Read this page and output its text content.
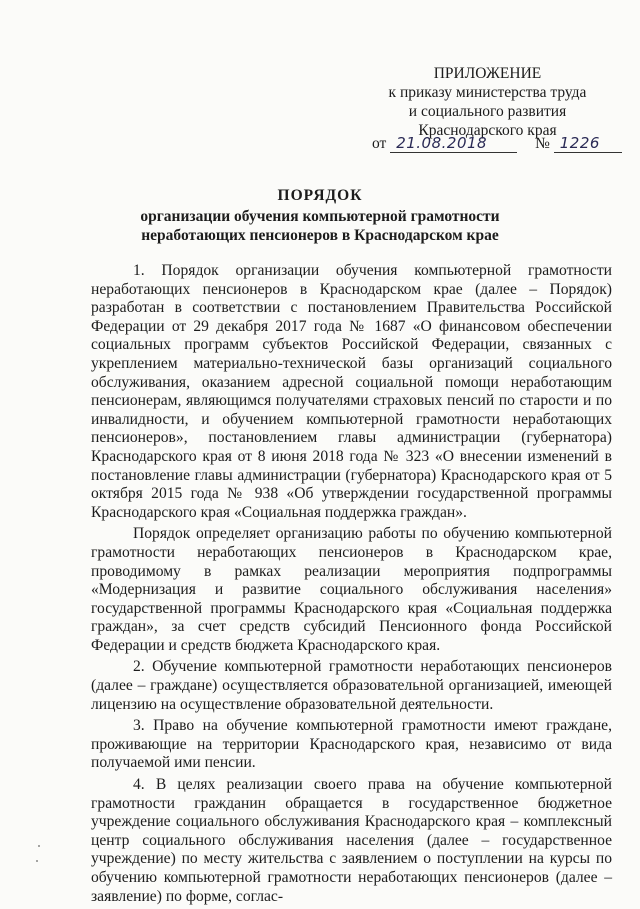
ПРИЛОЖЕНИЕ
к приказу министерства труда
и социального развития
Краснодарского края
от 21.08.2018	№ 1226
ПОРЯДОК
организации обучения компьютерной грамотности
неработающих пенсионеров в Краснодарском крае

1. Порядок организации обучения компьютерной грамотности неработающих пенсионеров в Краснодарском крае (далее – Порядок) разработан в соответствии с постановлением Правительства Российской Федерации от 29 декабря 2017 года № 1687 «О финансовом обеспечении социальных программ субъектов Российской Федерации, связанных с укреплением материально-технической базы организаций социального обслуживания, оказанием адресной социальной помощи неработающим пенсионерам, являющимся получателями страховых пенсий по старости и по инвалидности, и обучением компьютерной грамотности неработающих пенсионеров», постановлением главы администрации (губернатора) Краснодарского края от 8 июня 2018 года № 323 «О внесении изменений в постановление главы администрации (губернатора) Краснодарского края от 5 октября 2015 года № 938 «Об утверждении государственной программы Краснодарского края «Социальная поддержка граждан».

Порядок определяет организацию работы по обучению компьютерной грамотности неработающих пенсионеров в Краснодарском крае, проводимому в рамках реализации мероприятия подпрограммы «Модернизация и развитие социального обслуживания населения» государственной программы Краснодарского края «Социальная поддержка граждан», за счет средств субсидий Пенсионного фонда Российской Федерации и средств бюджета Краснодарского края.

2. Обучение компьютерной грамотности неработающих пенсионеров (далее – граждане) осуществляется образовательной организацией, имеющей лицензию на осуществление образовательной деятельности.

3. Право на обучение компьютерной грамотности имеют граждане, проживающие на территории Краснодарского края, независимо от вида получаемой ими пенсии.

4. В целях реализации своего права на обучение компьютерной грамотности гражданин обращается в государственное бюджетное учреждение социального обслуживания Краснодарского края – комплексный центр социального обслуживания населения (далее – государственное учреждение) по месту жительства с заявлением о поступлении на курсы по обучению компьютерной грамотности неработающих пенсионеров (далее – заявление) по форме, соглас-
